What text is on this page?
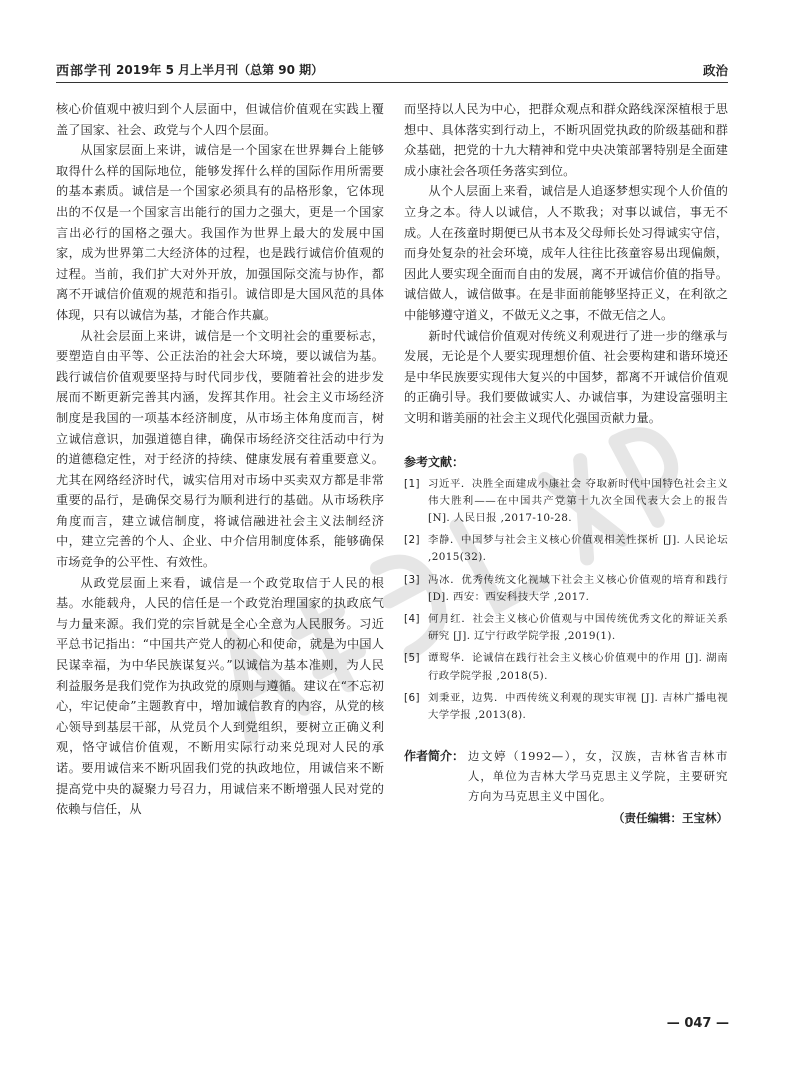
西部学刊 2019年 5 月上半月刊（总第 90 期）	政治

核心价值观中被归到个人层面中，但诚信价值观在实践上覆盖了国家、社会、政党与个人四个层面。

从国家层面上来讲，诚信是一个国家在世界舞台上能够取得什么样的国际地位，能够发挥什么样的国际作用所需要的基本素质。诚信是一个国家必须具有的品格形象，它体现出的不仅是一个国家言出能行的国力之强大，更是一个国家言出必行的国格之强大。我国作为世界上最大的发展中国家，成为世界第二大经济体的过程，也是践行诚信价值观的过程。当前，我们扩大对外开放，加强国际交流与协作，都离不开诚信价值观的规范和指引。诚信即是大国风范的具体体现，只有以诚信为基，才能合作共赢。

从社会层面上来讲，诚信是一个文明社会的重要标志，要塑造自由平等、公正法治的社会大环境，要以诚信为基。践行诚信价值观要坚持与时代同步伐，要随着社会的进步发展而不断更新完善其内涵，发挥其作用。社会主义市场经济制度是我国的一项基本经济制度，从市场主体角度而言，树立诚信意识，加强道德自律，确保市场经济交往活动中行为的道德稳定性，对于经济的持续、健康发展有着重要意义。尤其在网络经济时代，诚实信用对市场中买卖双方都是非常重要的品行，是确保交易行为顺利进行的基础。从市场秩序角度而言，建立诚信制度，将诚信融进社会主义法制经济中，建立完善的个人、企业、中介信用制度体系，能够确保市场竞争的公平性、有效性。

从政党层面上来看，诚信是一个政党取信于人民的根基。水能载舟，人民的信任是一个政党治理国家的执政底气与力量来源。我们党的宗旨就是全心全意为人民服务。习近平总书记指出：“中国共产党人的初心和使命，就是为中国人民谋幸福，为中华民族谋复兴。”以诚信为基本准则，为人民利益服务是我们党作为执政党的原则与遵循。建议在“不忘初心，牢记使命”主题教育中，增加诚信教育的内容，从党的核心领导到基层干部，从党员个人到党组织，要树立正确义利观，恪守诚信价值观，不断用实际行动来兑现对人民的承诺。要用诚信来不断巩固我们党的执政地位，用诚信来不断提高党中央的凝聚力号召力，用诚信来不断增强人民对党的依赖与信任，从

而坚持以人民为中心，把群众观点和群众路线深深植根于思想中、具体落实到行动上，不断巩固党执政的阶级基础和群众基础，把党的十九大精神和党中央决策部署特别是全面建成小康社会各项任务落实到位。

从个人层面上来看，诚信是人追逐梦想实现个人价值的立身之本。待人以诚信，人不欺我；对事以诚信，事无不成。人在孩童时期便已从书本及父母师长处习得诚实守信，而身处复杂的社会环境，成年人往往比孩童容易出现偏颇，因此人要实现全面而自由的发展，离不开诚信价值的指导。诚信做人，诚信做事。在是非面前能够坚持正义，在利欲之中能够遵守道义，不做无义之事，不做无信之人。

新时代诚信价值观对传统义利观进行了进一步的继承与发展，无论是个人要实现理想价值、社会要构建和谐环境还是中华民族要实现伟大复兴的中国梦，都离不开诚信价值观的正确引导。我们要做诚实人、办诚信事，为建设富强明主文明和谐美丽的社会主义现代化强国贡献力量。

参考文献：
[1] 习近平．决胜全面建成小康社会 夺取新时代中国特色社会主义伟大胜利——在中国共产党第十九次全国代表大会上的报告 [N]. 人民日报 ,2017-10-28.
[2] 李静．中国梦与社会主义核心价值观相关性探析 [J]. 人民论坛 ,2015(32).
[3] 冯冰．优秀传统文化视域下社会主义核心价值观的培育和践行 [D]. 西安：西安科技大学 ,2017.
[4] 何月红．社会主义核心价值观与中国传统优秀文化的辩证关系研究 [J]. 辽宁行政学院学报 ,2019(1).
[5] 谭䴕华．论诚信在践行社会主义核心价值观中的作用 [J]. 湖南行政学院学报 ,2018(5).
[6] 刘秉亚，边隽．中西传统义利观的现实审视 [J]. 吉林广播电视大学学报 ,2013(8).
作者简介： 边文婷（1992—），女，汉族，吉林省吉林市人，单位为吉林大学马克思主义学院，主要研究方向为马克思主义中国化。
（责任编辑：王宝林）
— 047 —
